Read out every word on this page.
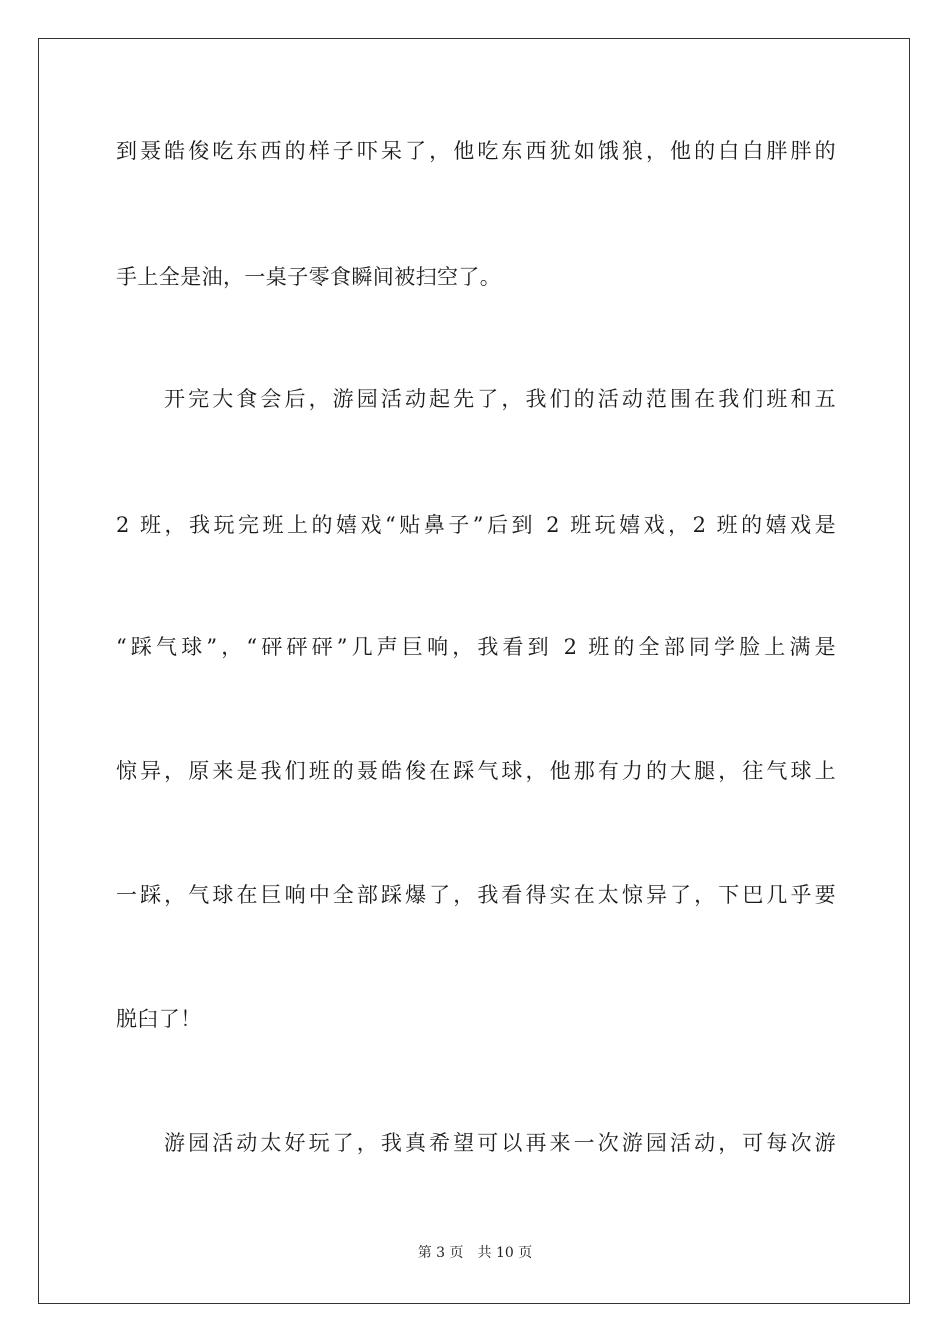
到聂皓俊吃东西的样子吓呆了，他吃东西犹如饿狼，他的白白胖胖的
手上全是油，一桌子零食瞬间被扫空了。
开完大食会后，游园活动起先了，我们的活动范围在我们班和五
2 班，我玩完班上的嬉戏“贴鼻子”后到 2 班玩嬉戏，2 班的嬉戏是
“踩气球”，“砰砰砰”几声巨响，我看到 2 班的全部同学脸上满是
惊异，原来是我们班的聂皓俊在踩气球，他那有力的大腿，往气球上
一踩，气球在巨响中全部踩爆了，我看得实在太惊异了，下巴几乎要
脱臼了！
游园活动太好玩了，我真希望可以再来一次游园活动，可每次游
第 3 页 共 10 页
